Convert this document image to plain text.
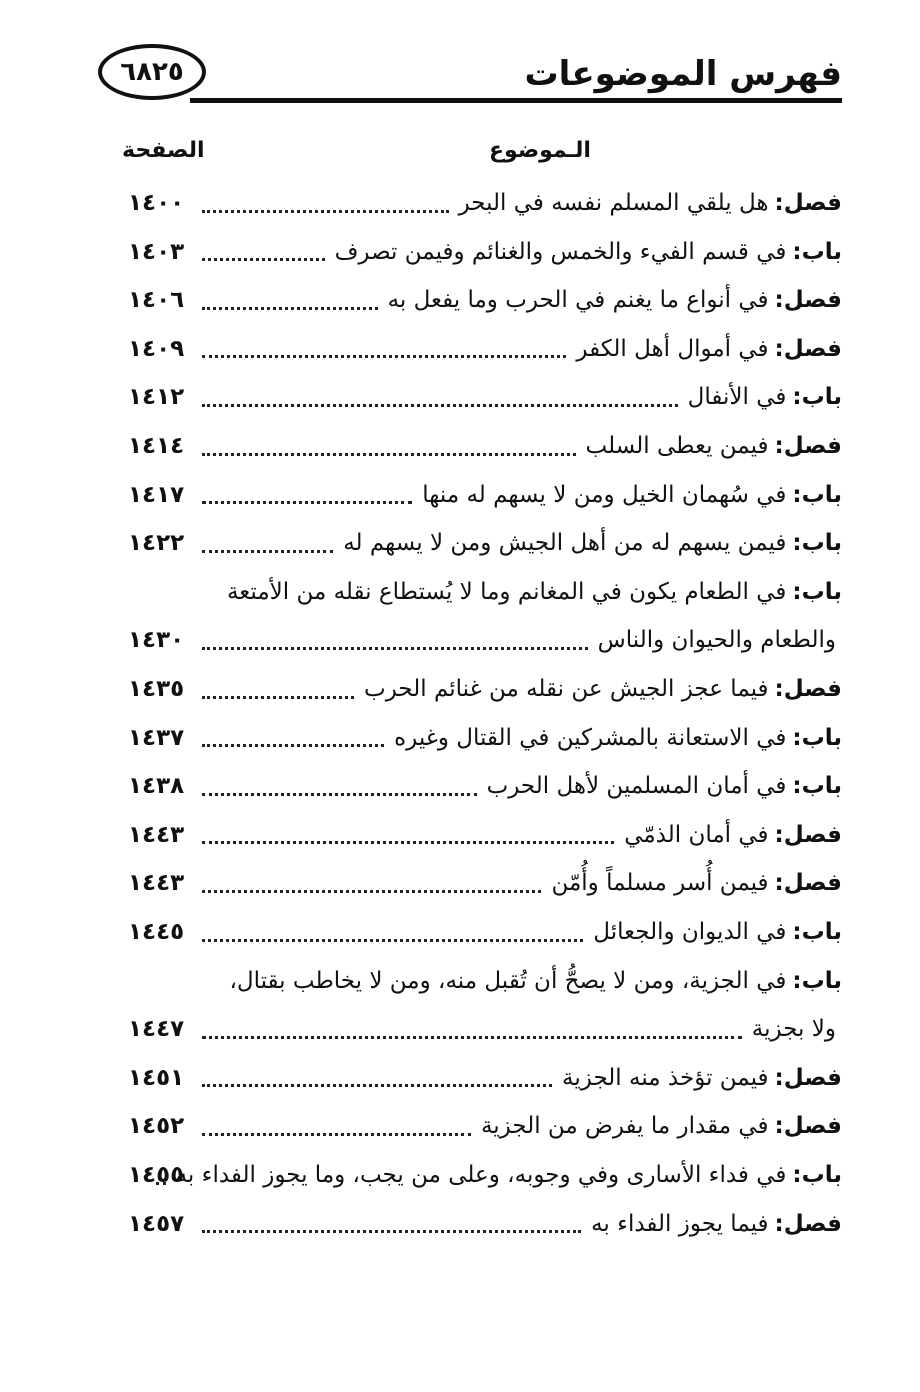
فهرس الموضوعات
٦٨٢٥
الـموضوع
الصفحة
فصل:
هل يلقي المسلم نفسه في البحر
١٤٠٠
باب:
في قسم الفيء والخمس والغنائم وفيمن تصرف
١٤٠٣
فصل:
في أنواع ما يغنم في الحرب وما يفعل به
١٤٠٦
فصل:
في أموال أهل الكفر
١٤٠٩
باب:
في الأنفال
١٤١٢
فصل:
فيمن يعطى السلب
١٤١٤
باب:
في سُهمان الخيل ومن لا يسهم له منها
١٤١٧
باب:
فيمن يسهم له من أهل الجيش ومن لا يسهم له
١٤٢٢
باب:
في الطعام يكون في المغانم وما لا يُستطاع نقله من الأمتعة
والطعام والحيوان والناس
١٤٣٠
فصل:
فيما عجز الجيش عن نقله من غنائم الحرب
١٤٣٥
باب:
في الاستعانة بالمشركين في القتال وغيره
١٤٣٧
باب:
في أمان المسلمين لأهل الحرب
١٤٣٨
فصل:
في أمان الذمّي
١٤٤٣
فصل:
فيمن أُسر مسلماً وأُمّن
١٤٤٣
باب:
في الديوان والجعائل
١٤٤٥
باب:
في الجزية، ومن لا يصحُّ أن تُقبل منه، ومن لا يخاطب بقتال،
ولا بجزية
١٤٤٧
فصل:
فيمن تؤخذ منه الجزية
١٤٥١
فصل:
في مقدار ما يفرض من الجزية
١٤٥٢
باب:
في فداء الأسارى وفي وجوبه، وعلى من يجب، وما يجوز الفداء به
١٤٥٥
فصل:
فيما يجوز الفداء به
١٤٥٧
